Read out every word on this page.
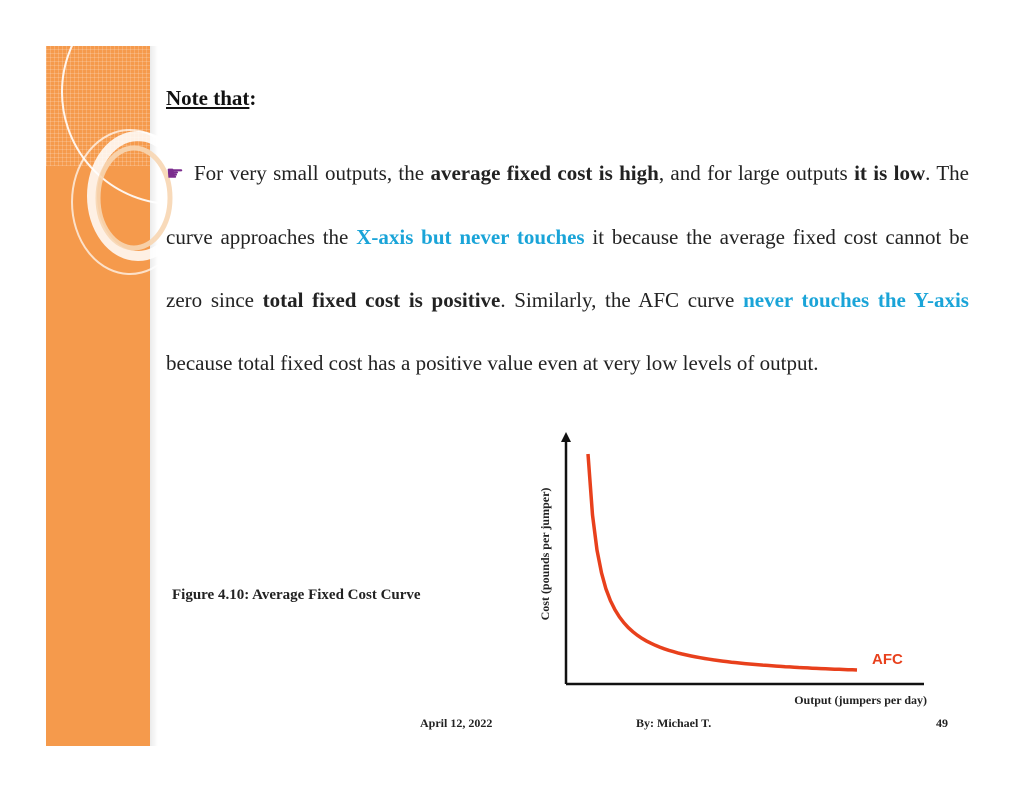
Note that:
☛ For very small outputs, the average fixed cost is high, and for large outputs it is low. The curve approaches the X-axis but never touches it because the average fixed cost cannot be zero since total fixed cost is positive. Similarly, the AFC curve never touches the Y-axis because total fixed cost has a positive value even at very low levels of output.
Figure 4.10: Average Fixed Cost Curve	Cost (pounds per jumper)
Output (jumpers per day)
AFC
April 12, 2022	By: Michael T.	49
